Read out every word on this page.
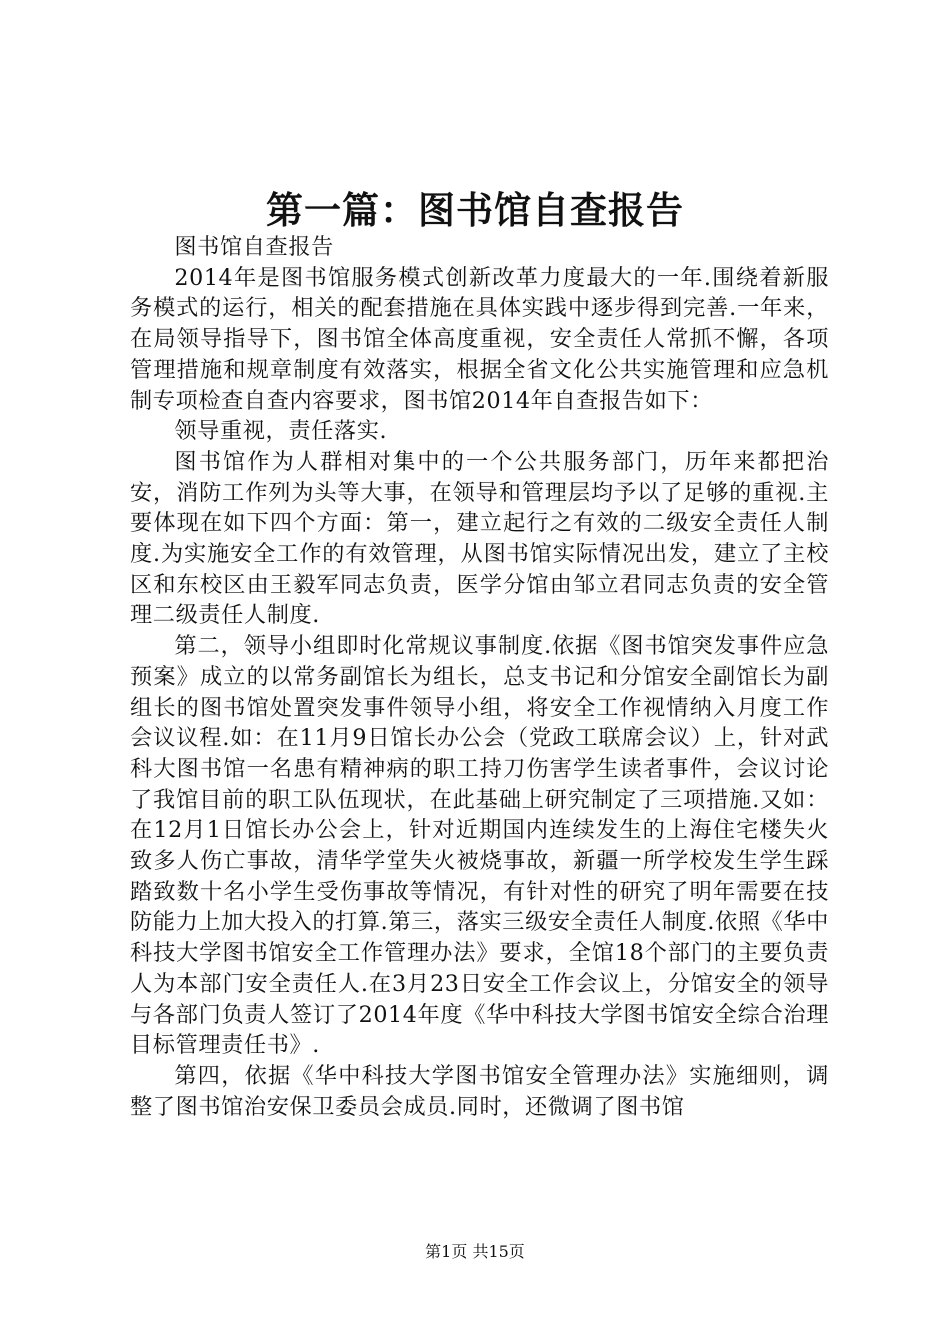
第一篇：图书馆自查报告

图书馆自查报告

2014年是图书馆服务模式创新改革力度最大的一年.围绕着新服务模式的运行，相关的配套措施在具体实践中逐步得到完善.一年来，在局领导指导下，图书馆全体高度重视，安全责任人常抓不懈，各项管理措施和规章制度有效落实，根据全省文化公共实施管理和应急机制专项检查自查内容要求，图书馆2014年自查报告如下：

领导重视，责任落实.

图书馆作为人群相对集中的一个公共服务部门，历年来都把治安，消防工作列为头等大事，在领导和管理层均予以了足够的重视.主要体现在如下四个方面：第一，建立起行之有效的二级安全责任人制度.为实施安全工作的有效管理，从图书馆实际情况出发，建立了主校区和东校区由王毅军同志负责，医学分馆由邹立君同志负责的安全管理二级责任人制度.

第二，领导小组即时化常规议事制度.依据《图书馆突发事件应急预案》成立的以常务副馆长为组长，总支书记和分馆安全副馆长为副组长的图书馆处置突发事件领导小组，将安全工作视情纳入月度工作会议议程.如：在11月9日馆长办公会（党政工联席会议）上，针对武科大图书馆一名患有精神病的职工持刀伤害学生读者事件，会议讨论了我馆目前的职工队伍现状，在此基础上研究制定了三项措施.又如：在12月1日馆长办公会上，针对近期国内连续发生的上海住宅楼失火致多人伤亡事故，清华学堂失火被烧事故，新疆一所学校发生学生踩踏致数十名小学生受伤事故等情况，有针对性的研究了明年需要在技防能力上加大投入的打算.第三，落实三级安全责任人制度.依照《华中科技大学图书馆安全工作管理办法》要求，全馆18个部门的主要负责人为本部门安全责任人.在3月23日安全工作会议上，分馆安全的领导与各部门负责人签订了2014年度《华中科技大学图书馆安全综合治理目标管理责任书》.

第四，依据《华中科技大学图书馆安全管理办法》实施细则，调整了图书馆治安保卫委员会成员.同时，还微调了图书馆

第1页 共15页
